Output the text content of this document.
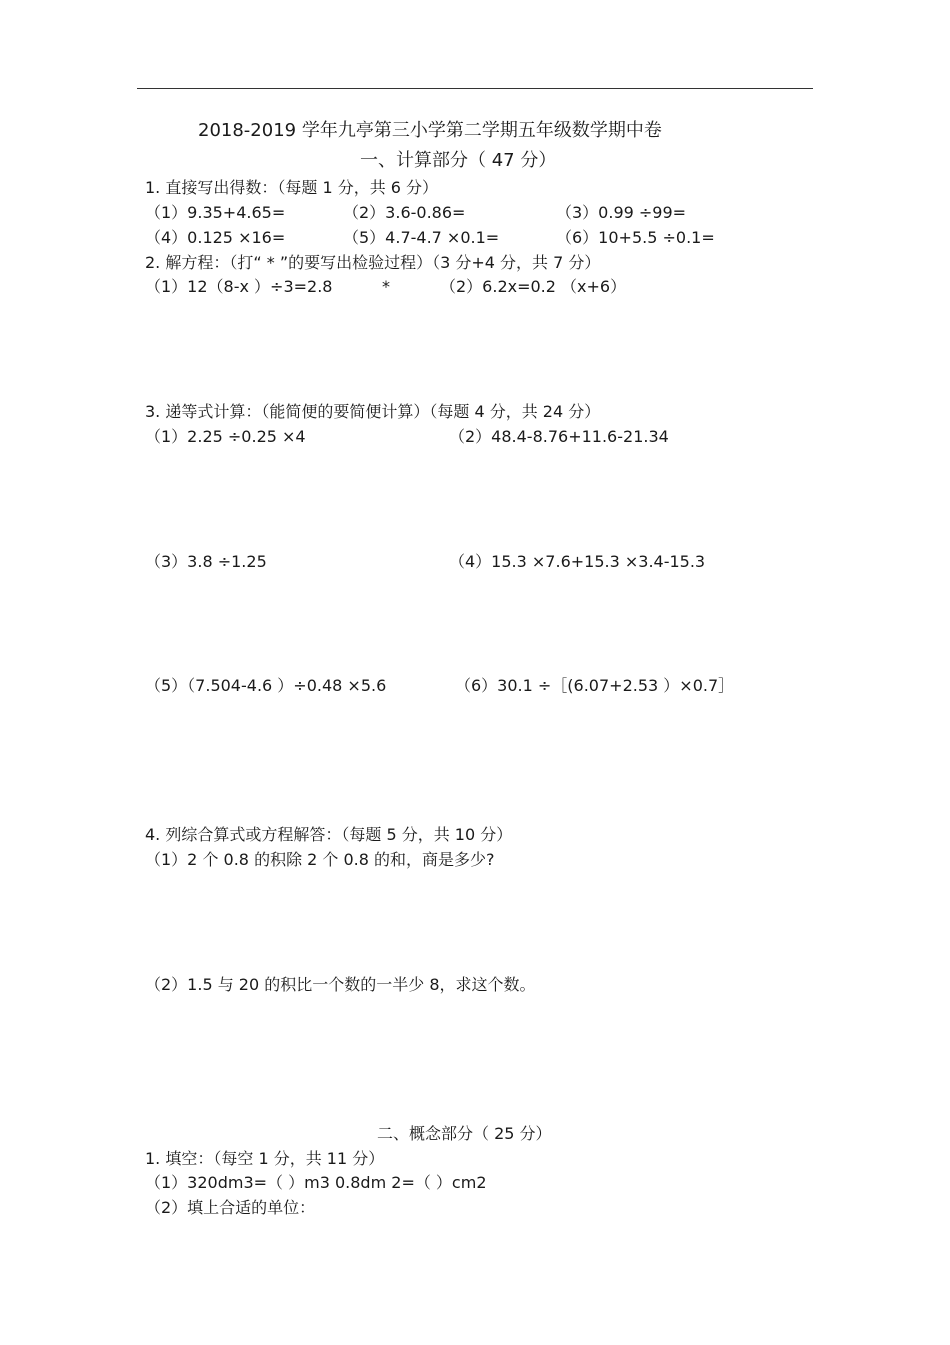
2018-2019 学年九亭第三小学第二学期五年级数学期中卷
一、计算部分（ 47 分）
1. 直接写出得数：（每题 1 分，共 6 分）
（1）9.35+4.65=	（2）3.6-0.86=	（3）0.99 ÷99=
（4）0.125 ×16=	（5）4.7-4.7 ×0.1=	（6）10+5.5 ÷0.1=
2. 解方程：（打“ * ”的要写出检验过程）（3 分+4 分，共 7 分）
（1）12（8-x ）÷3=2.8	*	（2）6.2x=0.2 （x+6）
3. 递等式计算：（能简便的要简便计算）（每题 4 分，共 24 分）
（1）2.25 ÷0.25 ×4	（2）48.4-8.76+11.6-21.34
（3）3.8 ÷1.25	（4）15.3 ×7.6+15.3 ×3.4-15.3
（5）（7.504-4.6 ）÷0.48 ×5.6	（6）30.1 ÷［(6.07+2.53 ）×0.7］
4. 列综合算式或方程解答：（每题 5 分，共 10 分）
（1）2 个 0.8 的积除 2 个 0.8 的和，商是多少?
（2）1.5 与 20 的积比一个数的一半少 8，求这个数。
二、概念部分（ 25 分）
1. 填空：（每空 1 分，共 11 分）
（1）320dm3=（ ）m3 0.8dm 2=（ ）cm2
（2）填上合适的单位：
